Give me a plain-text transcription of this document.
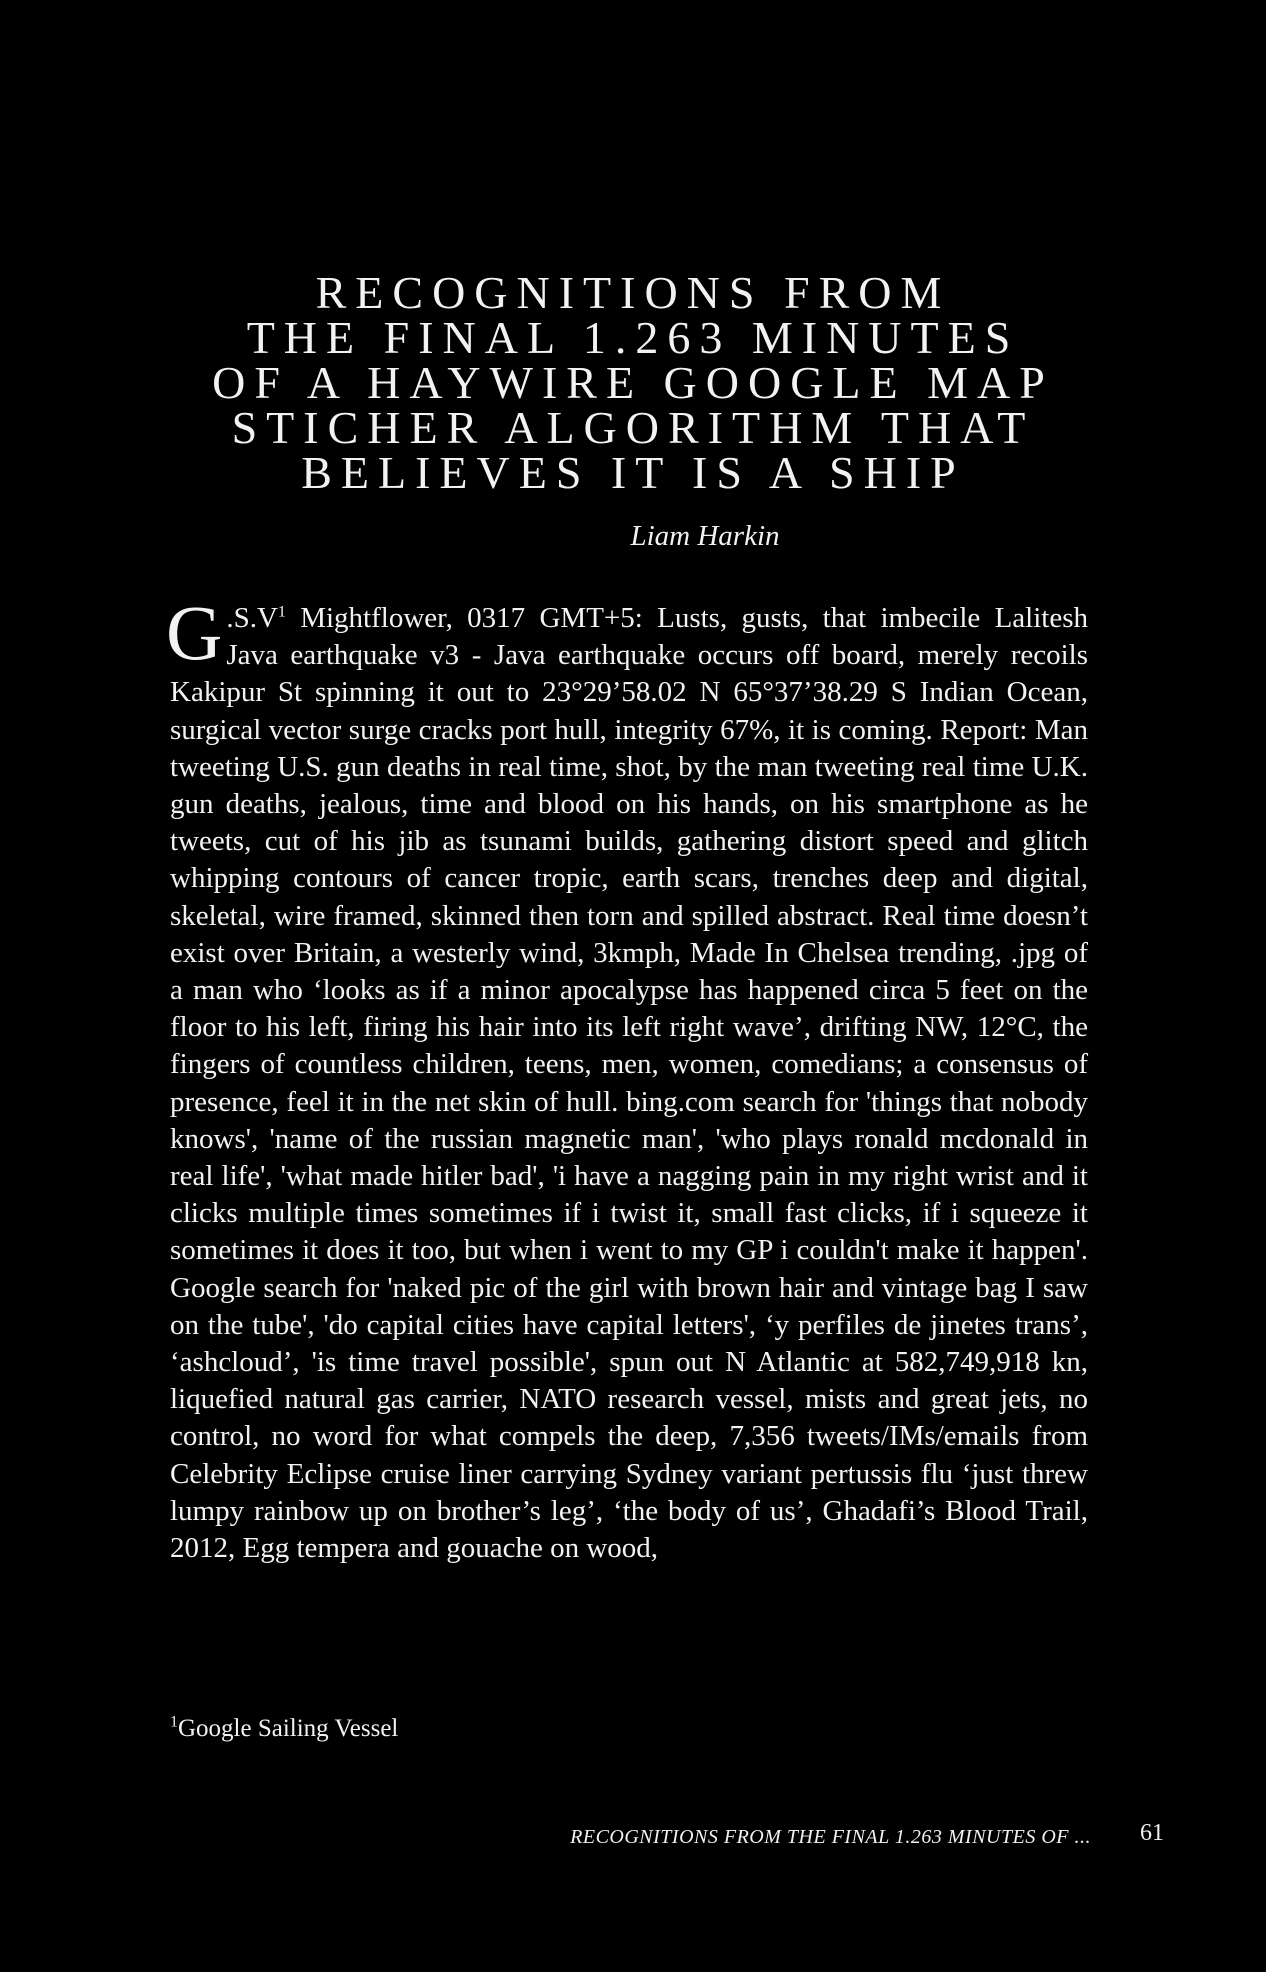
RECOGNITIONS FROM
THE FINAL 1.263 MINUTES
OF A HAYWIRE GOOGLE MAP
STICHER ALGORITHM THAT
BELIEVES IT IS A SHIP
Liam Harkin
G $.S.V^1$ Mightflower, 0317 GMT+5: Lusts, gusts, that imbecile Lalitesh Java earthquake v3 - Java earthquake occurs off board, merely recoils Kakipur St spinning it out to 23°29’58.02 N 65°37’38.29 S Indian Ocean, surgical vector surge cracks port hull, integrity 67%, it is coming. Report: Man tweeting U.S. gun deaths in real time, shot, by the man tweeting real time U.K. gun deaths, jealous, time and blood on his hands, on his smartphone as he tweets, cut of his jib as tsunami builds, gathering distort speed and glitch whipping contours of cancer tropic, earth scars, trenches deep and digital, skeletal, wire framed, skinned then torn and spilled abstract. Real time doesn’t exist over Britain, a westerly wind, 3kmph, Made In Chelsea trending, .jpg of a man who ‘looks as if a minor apocalypse has happened circa 5 feet on the floor to his left, firing his hair into its left right wave’, drifting NW, 12°C, the fingers of countless children, teens, men, women, comedians; a consensus of presence, feel it in the net skin of hull. bing.com search for 'things that nobody knows', 'name of the russian magnetic man', 'who plays ronald mcdonald in real life', 'what made hitler bad', 'i have a nagging pain in my right wrist and it clicks multiple times sometimes if i twist it, small fast clicks, if i squeeze it sometimes it does it too, but when i went to my GP i couldn't make it happen'. Google search for 'naked pic of the girl with brown hair and vintage bag I saw on the tube', 'do capital cities have capital letters', ‘y perfiles de jinetes trans’, ‘ashcloud’, 'is time travel possible', spun out N Atlantic at 582,749,918 kn, liquefied natural gas carrier, NATO research vessel, mists and great jets, no control, no word for what compels the deep, 7,356 tweets/IMs/emails from Celebrity Eclipse cruise liner carrying Sydney variant pertussis flu ‘just threw lumpy rainbow up on brother’s leg’, ‘the body of us’, Ghadafi’s Blood Trail, 2012, Egg tempera and gouache on wood,
$^1$Google Sailing Vessel
RECOGNITIONS FROM THE FINAL 1.263 MINUTES OF ... 61
